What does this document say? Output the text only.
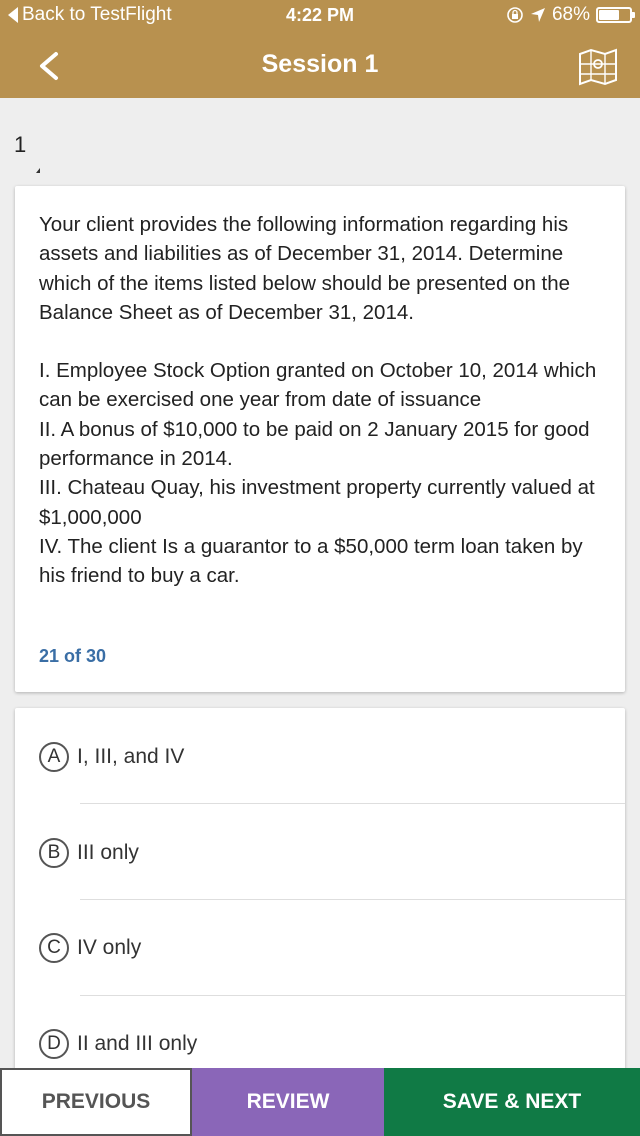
Back to TestFlight	4:22 PM	68%
Session 1
1

Your client provides the following information regarding his assets and liabilities as of December 31, 2014. Determine which of the items listed below should be presented on the Balance Sheet as of December 31, 2014.

I. Employee Stock Option granted on October 10, 2014 which can be exercised one year from date of issuance

II. A bonus of $10,000 to be paid on 2 January 2015 for good performance in 2014.

III. Chateau Quay, his investment property currently valued at $1,000,000

IV. The client Is a guarantor to a $50,000 term loan taken by his friend to buy a car.

21 of 30
A I, III, and IV
B III only
C IV only
D II and III only
PREVIOUS	REVIEW	SAVE & NEXT
